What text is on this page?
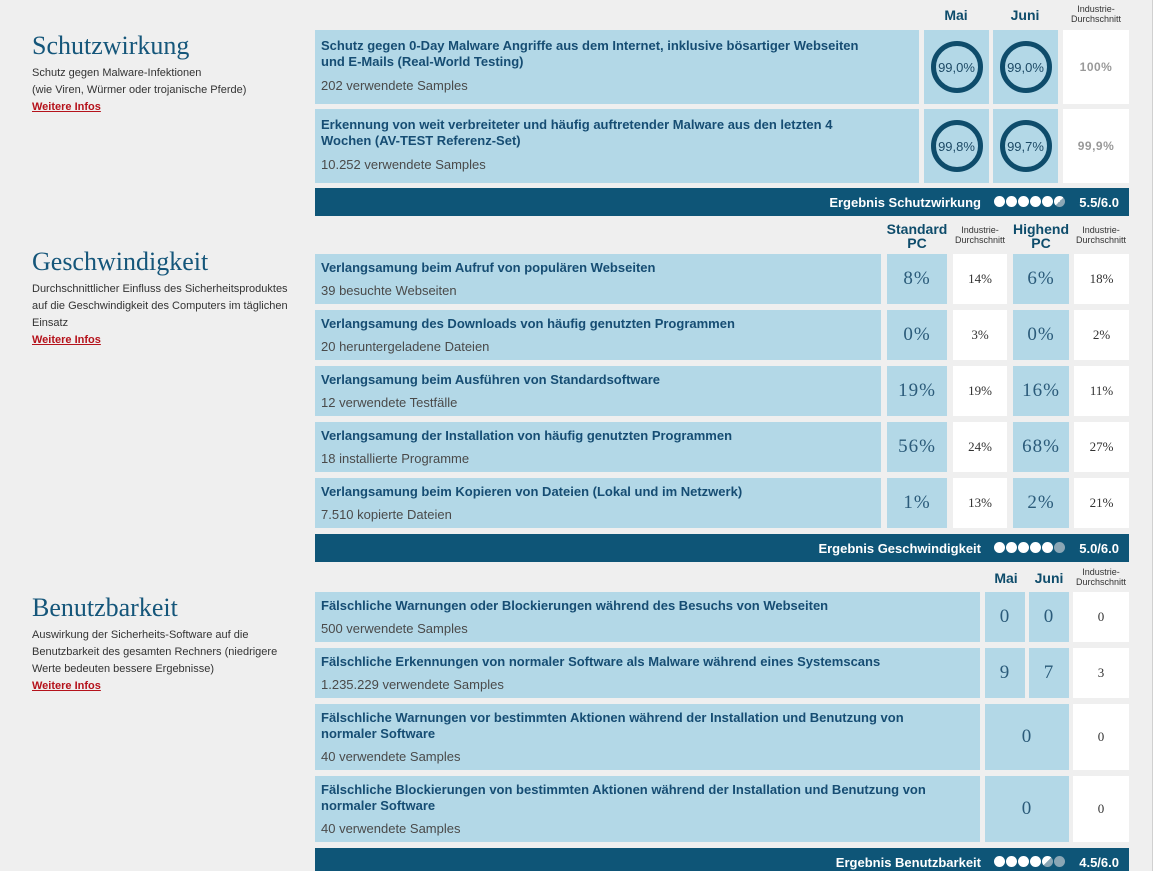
Schutzwirkung
Schutz gegen Malware-Infektionen
(wie Viren, Würmer oder trojanische Pferde)
Weitere Infos
Mai	Juni	Industrie-
Durchschnitt
Schutz gegen 0-Day Malware Angriffe aus dem Internet, inklusive bösartiger Webseiten
und E-Mails (Real-World Testing)
202 verwendete Samples
99,0%	99,0%	100%
Erkennung von weit verbreiteter und häufig auftretender Malware aus den letzten 4
Wochen (AV-TEST Referenz-Set)
10.252 verwendete Samples
99,8%	99,7%	99,9%
Ergebnis Schutzwirkung	5.5/6.0
Geschwindigkeit
Durchschnittlicher Einfluss des Sicherheitsproduktes
auf die Geschwindigkeit des Computers im täglichen
Einsatz
Weitere Infos
Standard
PC
Industrie-
Durchschnitt
Highend
PC
Industrie-
Durchschnitt
Verlangsamung beim Aufruf von populären Webseiten
39 besuchte Webseiten
8%	14% 6%	18%
Verlangsamung des Downloads von häufig genutzten Programmen
20 heruntergeladene Dateien
0%	3% 0%	2%
Verlangsamung beim Ausführen von Standardsoftware
12 verwendete Testfälle
19% 19% 16% 11%
Verlangsamung der Installation von häufig genutzten Programmen
18 installierte Programme
56% 24% 68% 27%
Verlangsamung beim Kopieren von Dateien (Lokal und im Netzwerk)
7.510 kopierte Dateien
1%	13% 2%	21%
Ergebnis Geschwindigkeit	5.0/6.0
Benutzbarkeit
Auswirkung der Sicherheits-Software auf die
Benutzbarkeit des gesamten Rechners (niedrigere
Werte bedeuten bessere Ergebnisse)
Weitere Infos
Mai	Juni	Industrie-
Durchschnitt
Fälschliche Warnungen oder Blockierungen während des Besuchs von Webseiten
500 verwendete Samples
0 0	0
Fälschliche Erkennungen von normaler Software als Malware während eines Systemscans
1.235.229 verwendete Samples
9 7	3
Fälschliche Warnungen vor bestimmten Aktionen während der Installation und Benutzung von
normaler Software
40 verwendete Samples
0	0
Fälschliche Blockierungen von bestimmten Aktionen während der Installation und Benutzung von
normaler Software
40 verwendete Samples
0	0
Ergebnis Benutzbarkeit	4.5/6.0
